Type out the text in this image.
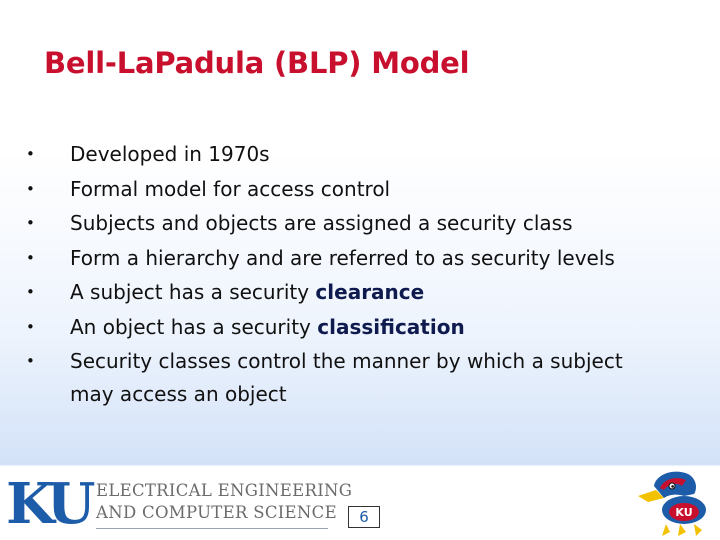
Bell-LaPadula (BLP) Model
• Developed in 1970s
• Formal model for access control
• Subjects and objects are assigned a security class
• Form a hierarchy and are referred to as security levels
• A subject has a security clearance
• An object has a security classification
• Security classes control the manner by which a subject
may access an object
KU ELECTRICAL ENGINEERING
AND COMPUTER SCIENCE	6	KU
